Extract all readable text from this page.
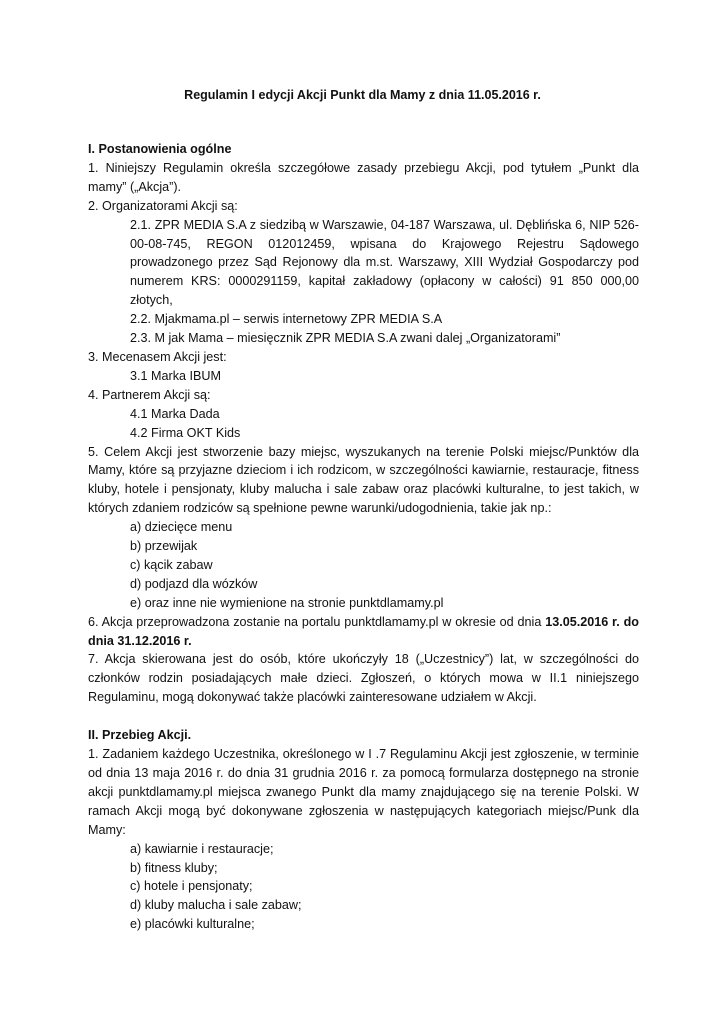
Regulamin I edycji Akcji Punkt dla Mamy z dnia 11.05.2016 r.

I. Postanowienia ogólne

1. Niniejszy Regulamin określa szczegółowe zasady przebiegu Akcji, pod tytułem „Punkt dla mamy” („Akcja”).

2. Organizatorami Akcji są:

2.1. ZPR MEDIA S.A z siedzibą w Warszawie, 04-187 Warszawa, ul. Dęblińska 6, NIP 526-00-08-745, REGON 012012459, wpisana do Krajowego Rejestru Sądowego prowadzonego przez Sąd Rejonowy dla m.st. Warszawy, XIII Wydział Gospodarczy pod numerem KRS: 0000291159, kapitał zakładowy (opłacony w całości) 91 850 000,00 złotych,

2.2. Mjakmama.pl – serwis internetowy ZPR MEDIA S.A

2.3. M jak Mama – miesięcznik ZPR MEDIA S.A zwani dalej „Organizatorami”

3. Mecenasem Akcji jest:

3.1 Marka IBUM

4. Partnerem Akcji są:

4.1 Marka Dada

4.2 Firma OKT Kids

5. Celem Akcji jest stworzenie bazy miejsc, wyszukanych na terenie Polski miejsc/Punktów dla Mamy, które są przyjazne dzieciom i ich rodzicom, w szczególności kawiarnie, restauracje, fitness kluby, hotele i pensjonaty, kluby malucha i sale zabaw oraz placówki kulturalne, to jest takich, w których zdaniem rodziców są spełnione pewne warunki/udogodnienia, takie jak np.:

a) dziecięce menu

b) przewijak

c) kącik zabaw

d) podjazd dla wózków

e) oraz inne nie wymienione na stronie punktdlamamy.pl

6. Akcja przeprowadzona zostanie na portalu punktdlamamy.pl w okresie od dnia 13.05.2016 r. do dnia 31.12.2016 r.

7. Akcja skierowana jest do osób, które ukończyły 18 („Uczestnicy”) lat, w szczególności do członków rodzin posiadających małe dzieci. Zgłoszeń, o których mowa w II.1 niniejszego Regulaminu, mogą dokonywać także placówki zainteresowane udziałem w Akcji.

II. Przebieg Akcji.

1. Zadaniem każdego Uczestnika, określonego w I .7 Regulaminu Akcji jest zgłoszenie, w terminie od dnia 13 maja 2016 r. do dnia 31 grudnia 2016 r. za pomocą formularza dostępnego na stronie akcji punktdlamamy.pl miejsca zwanego Punkt dla mamy znajdującego się na terenie Polski. W ramach Akcji mogą być dokonywane zgłoszenia w następujących kategoriach miejsc/Punk dla Mamy:

a) kawiarnie i restauracje;

b) fitness kluby;

c) hotele i pensjonaty;

d) kluby malucha i sale zabaw;

e) placówki kulturalne;
